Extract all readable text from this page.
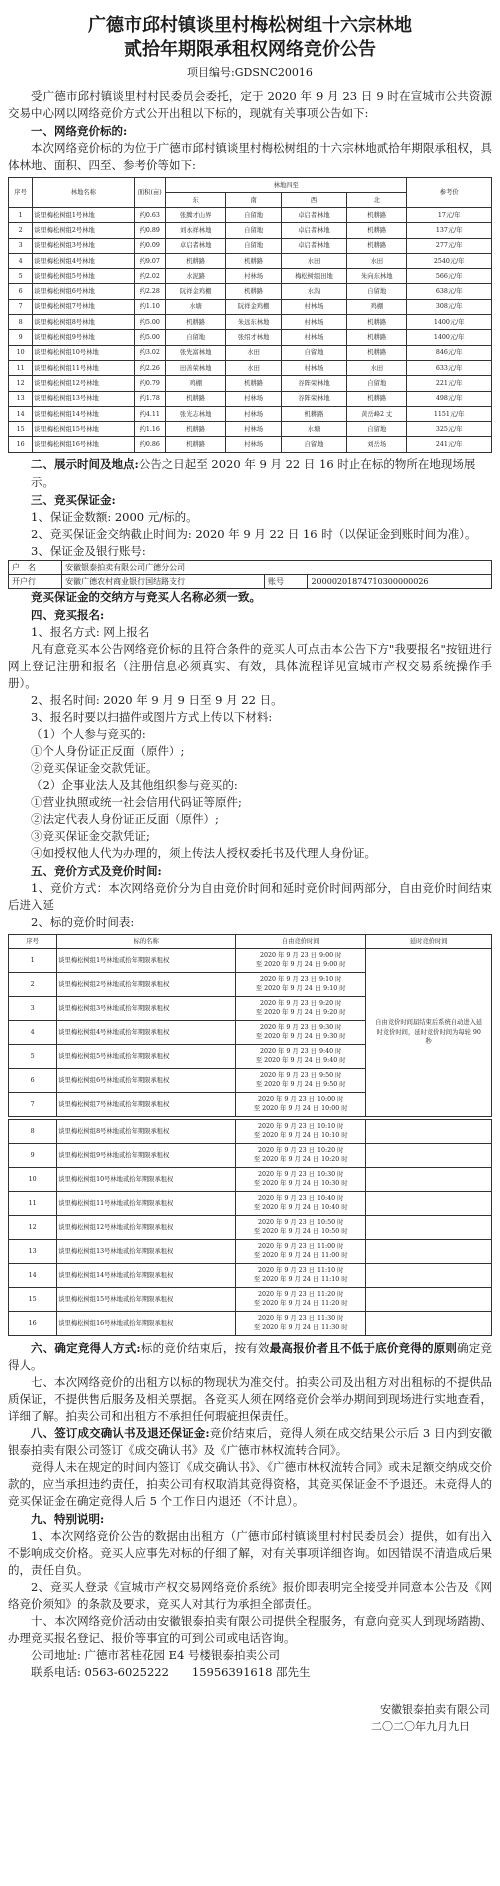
广德市邱村镇谈里村梅松树组十六宗林地
贰拾年期限承租权网络竞价公告
项目编号:GDSNC20016

受广德市邱村镇谈里村村民委员会委托，定于 2020 年 9 月 23 日 9 时在宣城市公共资源交易中心网以网络竞价方式公开出租以下标的，现就有关事项公告如下:

一、网络竞价标的:

本次网络竞价标的为位于广德市邱村镇谈里村梅松树组的十六宗林地贰拾年期限承租权，具体林地、面积、四至、参考价等如下:

序号	林地名称	面积(亩)	林地四至				参考价
			东	南	西	北	
1	谈里梅松树组1号林地	约0.63	张腾才山界	自留地	卓启者林地	机耕路	17元/年
2	谈里梅松树组2号林地	约0.89	刘永祥林地	自留地	卓启者林地	机耕路	137元/年
3	谈里梅松树组3号林地	约0.09	卓启者林地	自留地	卓启者林地	机耕路	277元/年
4	谈里梅松树组4号林地	约9.07	机耕路	机耕路	水田	水田	2540元/年
5	谈里梅松树组5号林地	约2.02	水泥路	村林场	梅松树组田地	朱向东林地	566元/年
6	谈里梅松树组6号林地	约2.28	阮祥金鸡棚	机耕路	水沟	自留地	638元/年
7	谈里梅松树组7号林地	约1.10	水塘	阮祥金鸡棚	村林场	鸡棚	308元/年
8	谈里梅松树组8号林地	约5.00	机耕路	朱远东林地	村林场	机耕路	1400元/年
9	谈里梅松树组9号林地	约5.00	自留地	张绍才林地	村林场	机耕路	1400元/年
10	谈里梅松树组10号林地	约3.02	张先富林地	水田	自留地	机耕路	846元/年
11	谈里梅松树组11号林地	约2.26	田善荣林地	水田	村林场	水田	633元/年
12	谈里梅松树组12号林地	约0.79	鸡棚	机耕路	谷阵荣林地	自留地	221元/年
13	谈里梅松树组13号林地	约1.78	机耕路	村林场	谷阵荣林地	机耕路	498元/年
14	谈里梅松树组14号林地	约4.11	张光志林地	村林场	机耕路	黄岳峰2 丈	1151元/年
15	谈里梅松树组15号林地	约1.16	机耕路	村林场	水塘	自留地	325元/年
16	谈里梅松树组16号林地	约0.86	机耕路	村林场	自留地	刘岳场	241元/年
二、展示时间及地点:公告之日起至 2020 年 9 月 22 日 16 时止在标的物所在地现场展示。
三、竞买保证金:

1、保证金数额: 2000 元/标的。

2、竞买保证金交纳截止时间为: 2020 年 9 月 22 日 16 时（以保证金到账时间为准）。

3、保证金及银行账号:

户　名	安徽银泰拍卖有限公司广德分公司		
开户行	安徽广德农村商业银行国结路支行	账号	20000201874710300000026

竞买保证金的交纳方与竞买人名称必须一致。

四、竞买报名:

1、报名方式: 网上报名

凡有意竞买本公告网络竞价标的且符合条件的竞买人可点击本公告下方"我要报名"按钮进行网上登记注册和报名（注册信息必须真实、有效，具体流程详见宣城市产权交易系统操作手册）。

2、报名时间: 2020 年 9 月 9 日至 9 月 22 日。

3、报名时要以扫描件或图片方式上传以下材料:

（1）个人参与竞买的:

①个人身份证正反面（原件）;

②竞买保证金交款凭证。

（2）企事业法人及其他组织参与竞买的:

①营业执照或统一社会信用代码证等原件;

②法定代表人身份证正反面（原件）;

③竞买保证金交款凭证;

④如授权他人代为办理的，须上传法人授权委托书及代理人身份证。

五、竞价方式及竞价时间:

1、竞价方式：本次网络竞价分为自由竞价时间和延时竞价时间两部分，自由竞价时间结束后进入延

2、标的竞价时间表:

序号	标的名称	自由竞价时间	延时竞价时间
1	谈里梅松树组1号林地贰拾年期限承租权	2020 年 9 月 23 日 9:00 时
至 2020 年 9 月 24 日 9:00 时	自由竞价时间届结束后系统自动进入延时竞价时间，延时竞价时间为每轮 90 秒
2	谈里梅松树组2号林地贰拾年期限承租权	2020 年 9 月 23 日 9:10 时
至 2020 年 9 月 24 日 9:10 时	

3	谈里梅松树组3号林地贰拾年期限承租权	2020 年 9 月 23 日 9:20 时
至 2020 年 9 月 24 日 9:20 时	

4	谈里梅松树组4号林地贰拾年期限承租权	2020 年 9 月 23 日 9:30 时
至 2020 年 9 月 24 日 9:30 时	

5	谈里梅松树组5号林地贰拾年期限承租权	2020 年 9 月 23 日 9:40 时
至 2020 年 9 月 24 日 9:40 时	

6	谈里梅松树组6号林地贰拾年期限承租权	2020 年 9 月 23 日 9:50 时
至 2020 年 9 月 24 日 9:50 时	

7	谈里梅松树组7号林地贰拾年期限承租权	2020 年 9 月 23 日 10:00 时
至 2020 年 9 月 24 日 10:00 时	

8	谈里梅松树组8号林地贰拾年期限承租权	2020 年 9 月 23 日 10:10 时
至 2020 年 9 月 24 日 10:10 时	

9	谈里梅松树组9号林地贰拾年期限承租权	2020 年 9 月 23 日 10:20 时
至 2020 年 9 月 24 日 10:20 时	

10	谈里梅松树组10号林地贰拾年期限承租权	2020 年 9 月 23 日 10:30 时
至 2020 年 9 月 24 日 10:30 时	

11	谈里梅松树组11号林地贰拾年期限承租权	2020 年 9 月 23 日 10:40 时
至 2020 年 9 月 24 日 10:40 时	

12	谈里梅松树组12号林地贰拾年期限承租权	2020 年 9 月 23 日 10:50 时
至 2020 年 9 月 24 日 10:50 时	

13	谈里梅松树组13号林地贰拾年期限承租权	2020 年 9 月 23 日 11:00 时
至 2020 年 9 月 24 日 11:00 时	

14	谈里梅松树组14号林地贰拾年期限承租权	2020 年 9 月 23 日 11:10 时
至 2020 年 9 月 24 日 11:10 时	

15	谈里梅松树组15号林地贰拾年期限承租权	2020 年 9 月 23 日 11:20 时
至 2020 年 9 月 24 日 11:20 时	

16	谈里梅松树组16号林地贰拾年期限承租权	2020 年 9 月 23 日 11:30 时
至 2020 年 9 月 24 日 11:30 时	

六、确定竞得人方式:标的竞价结束后，按有效最高报价者且不低于底价竞得的原则确定竞得人。

七、本次网络竞价的出租方以标的物现状为准交付。拍卖公司及出租方对出租标的不提供品质保证，不提供售后服务及相关票据。各竞买人须在网络竞价会举办期间到现场进行实地查看，详细了解。拍卖公司和出租方不承担任何瑕疵担保责任。

八、签订成交确认书及退还保证金:竞价结束后，竞得人须在成交结果公示后 3 日内到安徽银泰拍卖有限公司签订《成交确认书》及《广德市林权流转合同》。

竞得人未在规定的时间内签订《成交确认书》、《广德市林权流转合同》或未足额交纳成交价款的，应当承担违约责任，拍卖公司有权取消其竞得资格，其竞买保证金不予退还。未竞得人的竞买保证金在确定竞得人后 5 个工作日内退还（不计息）。

九、特别说明:

1、本次网络竞价公告的数据由出租方（广德市邱村镇谈里村村民委员会）提供，如有出入不影响成交价格。竞买人应事先对标的仔细了解，对有关事项详细咨询。如因错误不清造成后果的，责任自负。

2、竞买人登录《宣城市产权交易网络竞价系统》报价即表明完全接受并同意本公告及《网络竞价须知》的条款及要求，竞买人对其行为承担全部责任。

十、本次网络竞价活动由安徽银泰拍卖有限公司提供全程服务，有意向竞买人到现场踏勘、办理竞买报名登记、报价等事宜的可到公司或电话咨询。

公司地址: 广德市茗桂花园 E4 号楼银泰拍卖公司

联系电话: 0563-6025222　　15956391618 邵先生

安徽银泰拍卖有限公司
二〇二〇年九月九日
